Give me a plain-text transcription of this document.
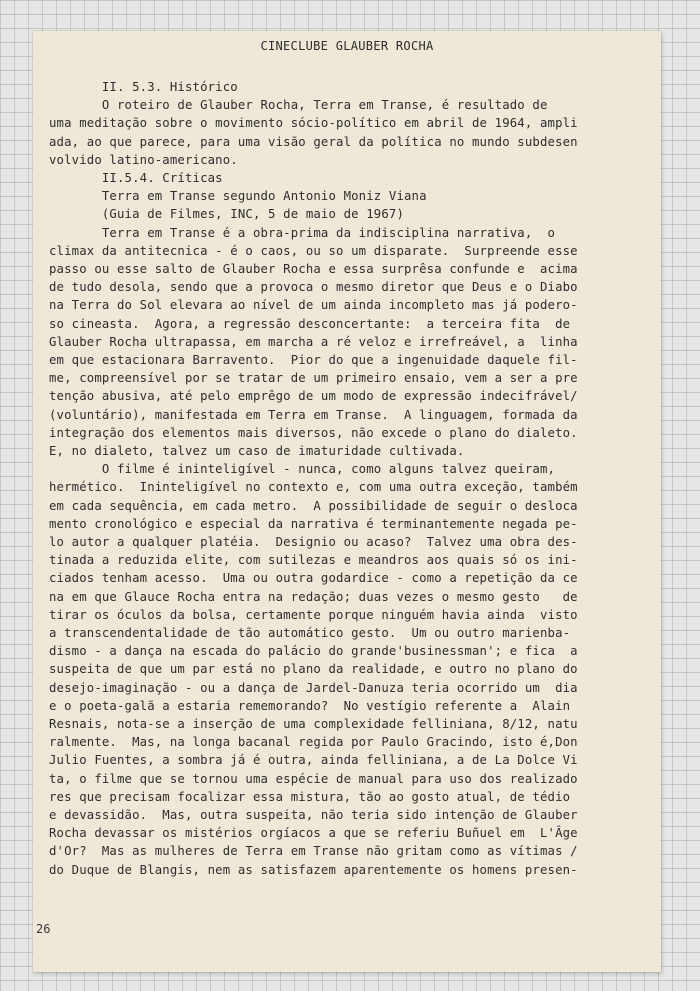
CINECLUBE GLAUBER ROCHA
II. 5.3. Histórico
O roteiro de Glauber Rocha, Terra em Transe, é resultado de
uma meditação sobre o movimento sócio-político em abril de 1964, ampli
ada, ao que parece, para uma visão geral da política no mundo subdesen
volvido latino-americano.
II.5.4. Críticas
Terra em Transe segundo Antonio Moniz Viana
(Guia de Filmes, INC, 5 de maio de 1967)
Terra em Transe é a obra-prima da indisciplina narrativa,  o
climax da antitecnica - é o caos, ou so um disparate.  Surpreende esse
passo ou esse salto de Glauber Rocha e essa surprêsa confunde e  acima
de tudo desola, sendo que a provoca o mesmo diretor que Deus e o Diabo
na Terra do Sol elevara ao nível de um ainda incompleto mas já podero-
so cineasta.  Agora, a regressão desconcertante:  a terceira fita  de
Glauber Rocha ultrapassa, em marcha a ré veloz e irrefreável, a  linha
em que estacionara Barravento.  Pior do que a ingenuidade daquele fil-
me, compreensível por se tratar de um primeiro ensaio, vem a ser a pre
tenção abusiva, até pelo emprêgo de um modo de expressão indecifrável/
(voluntário), manifestada em Terra em Transe.  A linguagem, formada da
integração dos elementos mais diversos, não excede o plano do dialeto.
E, no dialeto, talvez um caso de imaturidade cultivada.
O filme é ininteligível - nunca, como alguns talvez queiram,
hermético.  Ininteligível no contexto e, com uma outra exceção, também
em cada sequência, em cada metro.  A possibilidade de seguir o desloca
mento cronológico e especial da narrativa é terminantemente negada pe-
lo autor a qualquer platéia.  Designio ou acaso?  Talvez uma obra des-
tinada a reduzida elite, com sutilezas e meandros aos quais só os ini-
ciados tenham acesso.  Uma ou outra godardice - como a repetição da ce
na em que Glauce Rocha entra na redação; duas vezes o mesmo gesto   de
tirar os óculos da bolsa, certamente porque ninguém havia ainda  visto
a transcendentalidade de tão automático gesto.  Um ou outro marienba-
dismo - a dança na escada do palácio do grande'businessman'; e fica  a
suspeita de que um par está no plano da realidade, e outro no plano do
desejo-imaginação - ou a dança de Jardel-Danuza teria ocorrido um  dia
e o poeta-galã a estaria rememorando?  No vestígio referente a  Alain
Resnais, nota-se a inserção de uma complexidade felliniana, 8/12, natu
ralmente.  Mas, na longa bacanal regida por Paulo Gracindo, isto é,Don
Julio Fuentes, a sombra já é outra, ainda felliniana, a de La Dolce Vi
ta, o filme que se tornou uma espécie de manual para uso dos realizado
res que precisam focalizar essa mistura, tão ao gosto atual, de tédio
e devassidão.  Mas, outra suspeita, não teria sido intenção de Glauber
Rocha devassar os mistérios orgíacos a que se referiu Buñuel em  L'Âge
d'Or?  Mas as mulheres de Terra em Transe não gritam como as vítimas /
do Duque de Blangis, nem as satisfazem aparentemente os homens presen-
26
